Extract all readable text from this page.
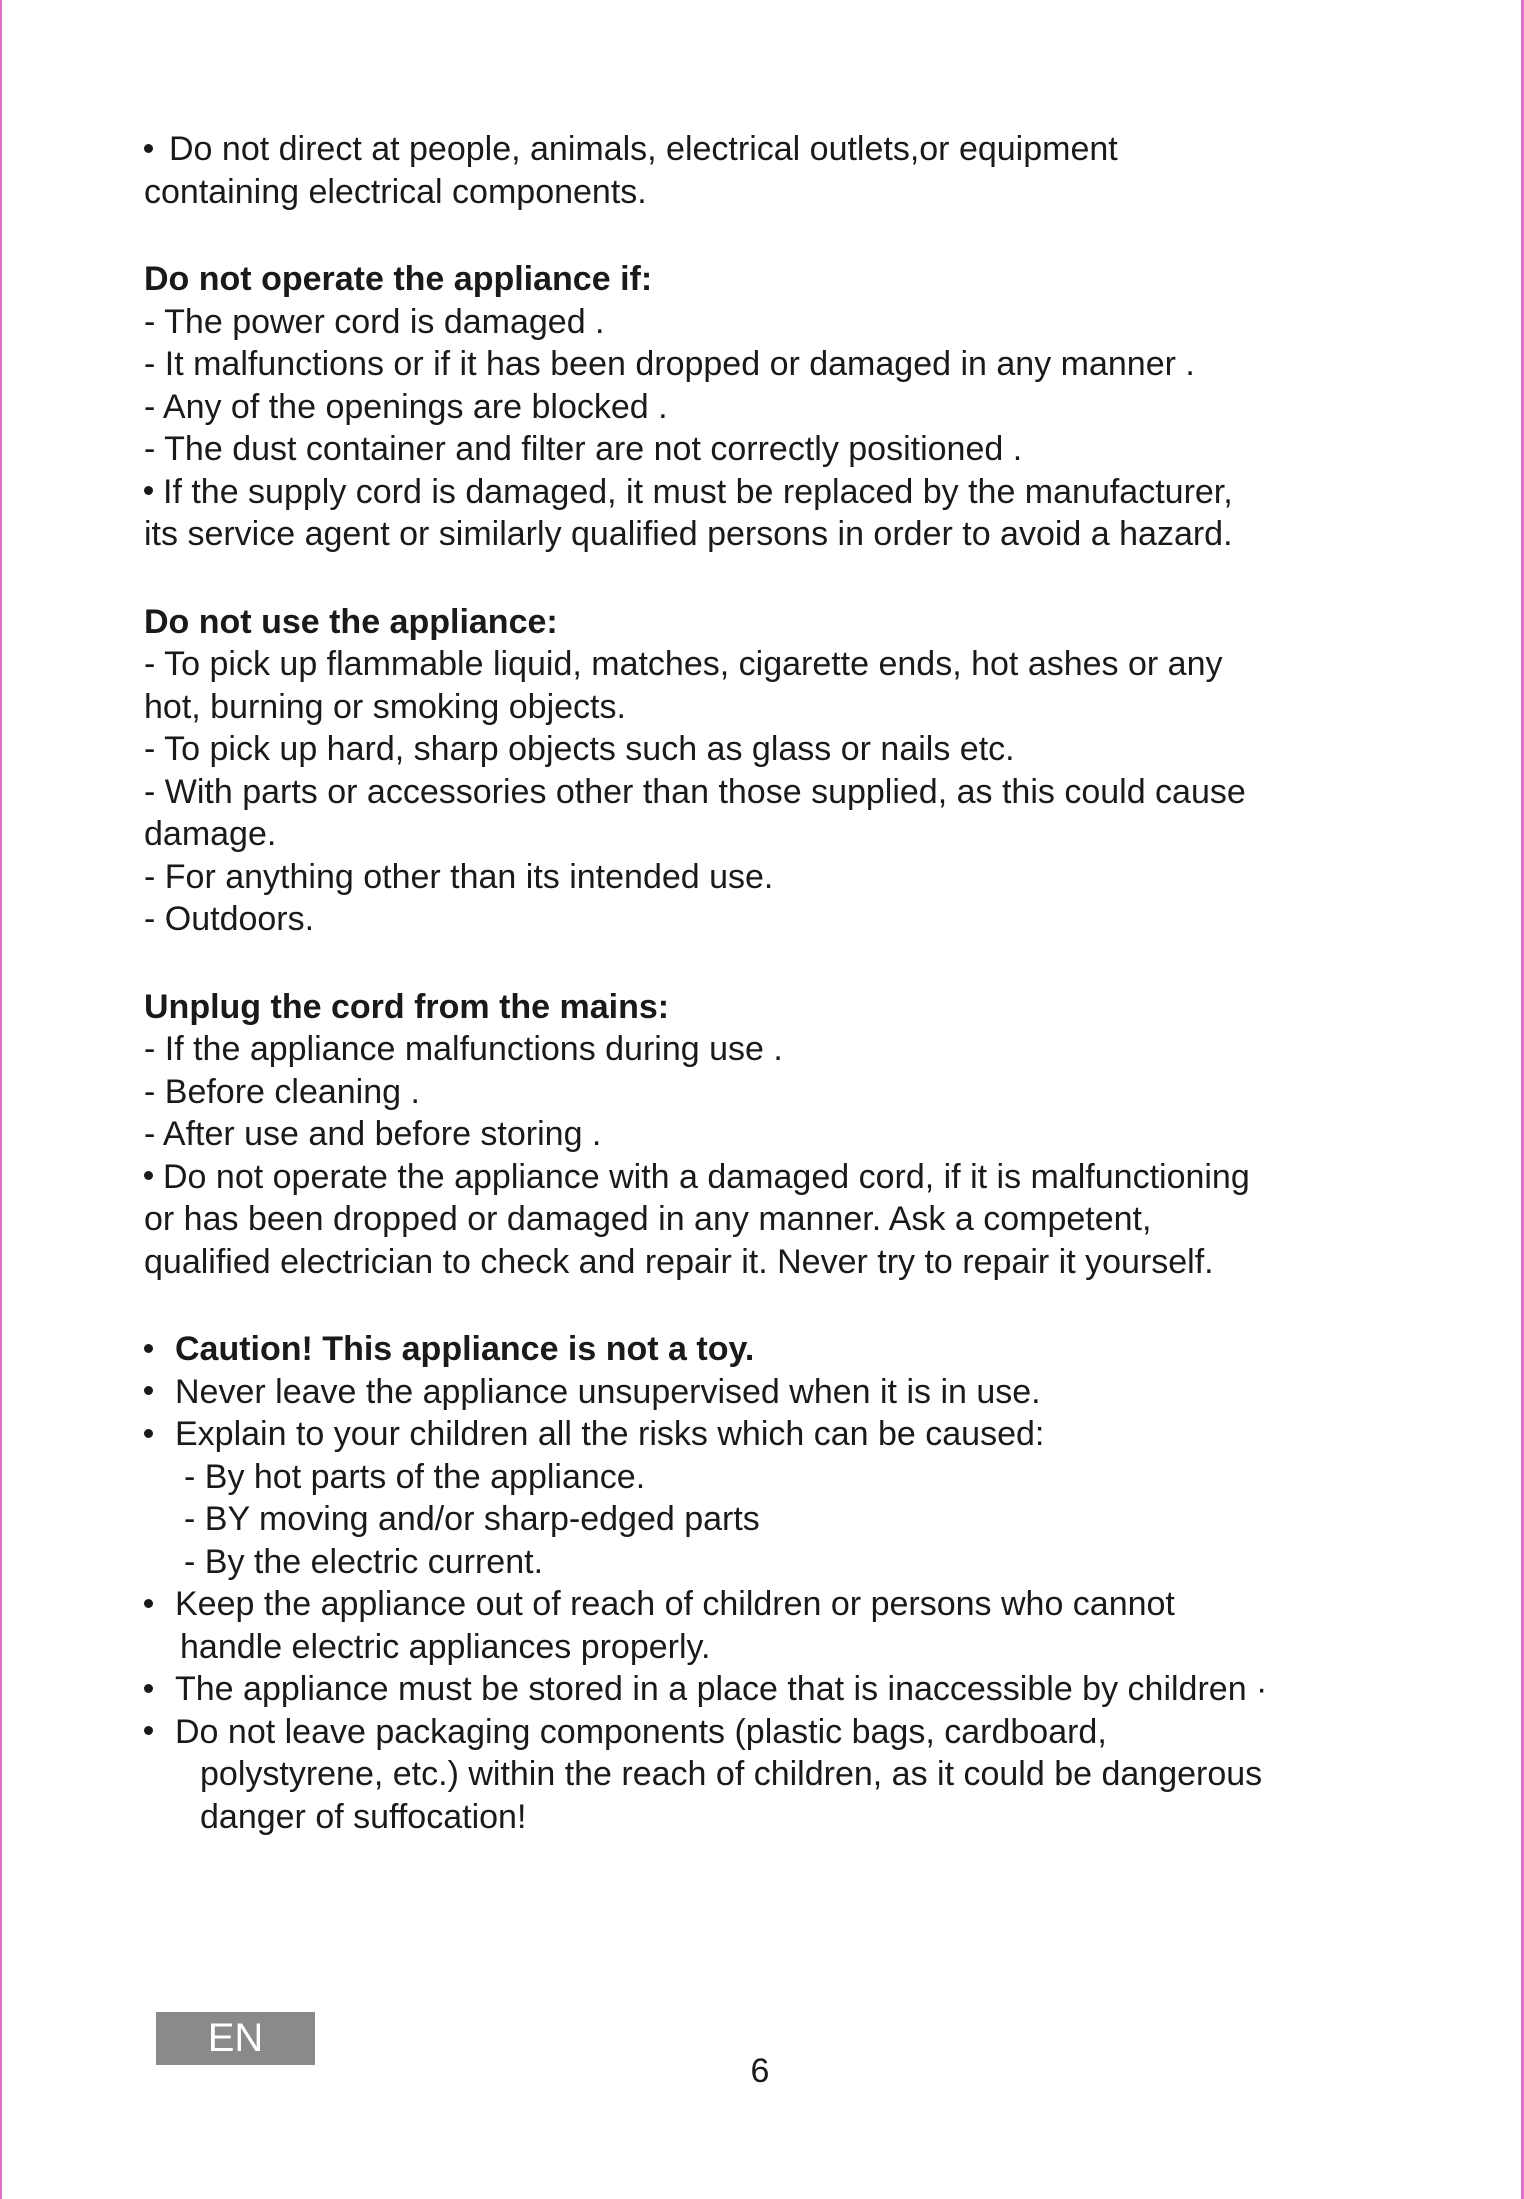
Do not direct at people, animals, electrical outlets,or equipment

containing electrical components.

Do not operate the appliance if:

- The power cord is damaged .

- It malfunctions or if it has been dropped or damaged in any manner .

- Any of the openings are blocked .

- The dust container and filter are not correctly positioned .

If the supply cord is damaged, it must be replaced by the manufacturer,

its service agent or similarly qualified persons in order to avoid a hazard.

Do not use the appliance:

- To pick up flammable liquid, matches, cigarette ends, hot ashes or any

hot, burning or smoking objects.

- To pick up hard, sharp objects such as glass or nails etc.

- With parts or accessories other than those supplied, as this could cause

damage.

- For anything other than its intended use.

- Outdoors.

Unplug the cord from the mains:

- If the appliance malfunctions during use .

- Before cleaning .

- After use and before storing .

Do not operate the appliance with a damaged cord, if it is malfunctioning

or has been dropped or damaged in any manner. Ask a competent,

qualified electrician to check and repair it. Never try to repair it yourself.

Caution! This appliance is not a toy.

Never leave the appliance unsupervised when it is in use.

Explain to your children all the risks which can be caused:

- By hot parts of the appliance.

- BY moving and/or sharp-edged parts

- By the electric current.

Keep the appliance out of reach of children or persons who cannot

handle electric appliances properly.

The appliance must be stored in a place that is inaccessible by children ·

Do not leave packaging components (plastic bags, cardboard,

polystyrene, etc.) within the reach of children, as it could be dangerous

danger of suffocation!

EN
6
